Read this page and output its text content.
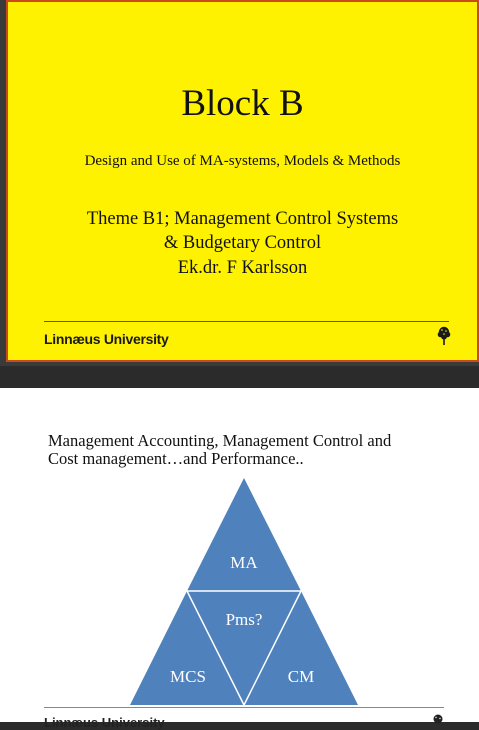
Block B
Design and Use of MA-systems, Models & Methods
Theme B1; Management Control Systems
& Budgetary Control
Ek.dr. F Karlsson
Linnæus University
Management Accounting, Management Control and
Cost management…and Performance..
MA
Pms?
MCS	CM
Linnæus University
